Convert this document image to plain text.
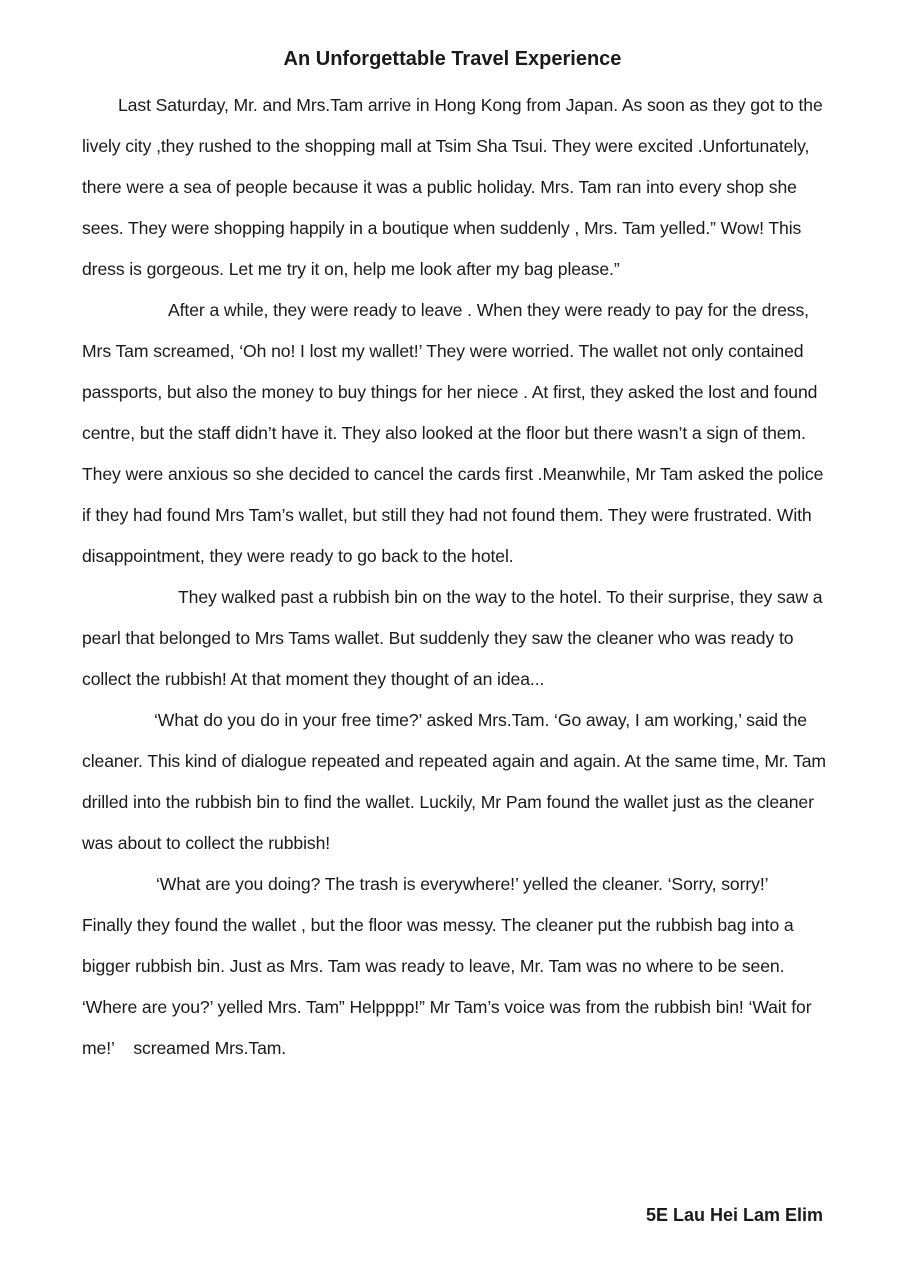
An Unforgettable Travel Experience

Last Saturday, Mr. and Mrs.Tam arrive in Hong Kong from Japan. As soon as they got to the lively city ,they rushed to the shopping mall at Tsim Sha Tsui. They were excited .Unfortunately, there were a sea of people because it was a public holiday. Mrs. Tam ran into every shop she sees. They were shopping happily in a boutique when suddenly , Mrs. Tam yelled.” Wow! This dress is gorgeous. Let me try it on, help me look after my bag please.”

After a while, they were ready to leave . When they were ready to pay for the dress, Mrs Tam screamed, ‘Oh no! I lost my wallet!’ They were worried. The wallet not only contained passports, but also the money to buy things for her niece . At first, they asked the lost and found centre, but the staff didn’t have it. They also looked at the floor but there wasn’t a sign of them. They were anxious so she decided to cancel the cards first .Meanwhile, Mr Tam asked the police if they had found Mrs Tam’s wallet, but still they had not found them. They were frustrated. With disappointment, they were ready to go back to the hotel.

They walked past a rubbish bin on the way to the hotel. To their surprise, they saw a pearl that belonged to Mrs Tams wallet. But suddenly they saw the cleaner who was ready to collect the rubbish! At that moment they thought of an idea...

‘What do you do in your free time?’ asked Mrs.Tam. ‘Go away, I am working,’ said the cleaner. This kind of dialogue repeated and repeated again and again. At the same time, Mr. Tam drilled into the rubbish bin to find the wallet. Luckily, Mr Pam found the wallet just as the cleaner was about to collect the rubbish!

‘What are you doing? The trash is everywhere!’ yelled the cleaner. ‘Sorry, sorry!’    Finally they found the wallet , but the floor was messy. The cleaner put the rubbish bag into a bigger rubbish bin. Just as Mrs. Tam was ready to leave, Mr. Tam was no where to be seen. ‘Where are you?’ yelled Mrs. Tam” Helpppp!” Mr Tam’s voice was from the rubbish bin! ‘Wait for me!’    screamed Mrs.Tam.

5E Lau Hei Lam Elim
